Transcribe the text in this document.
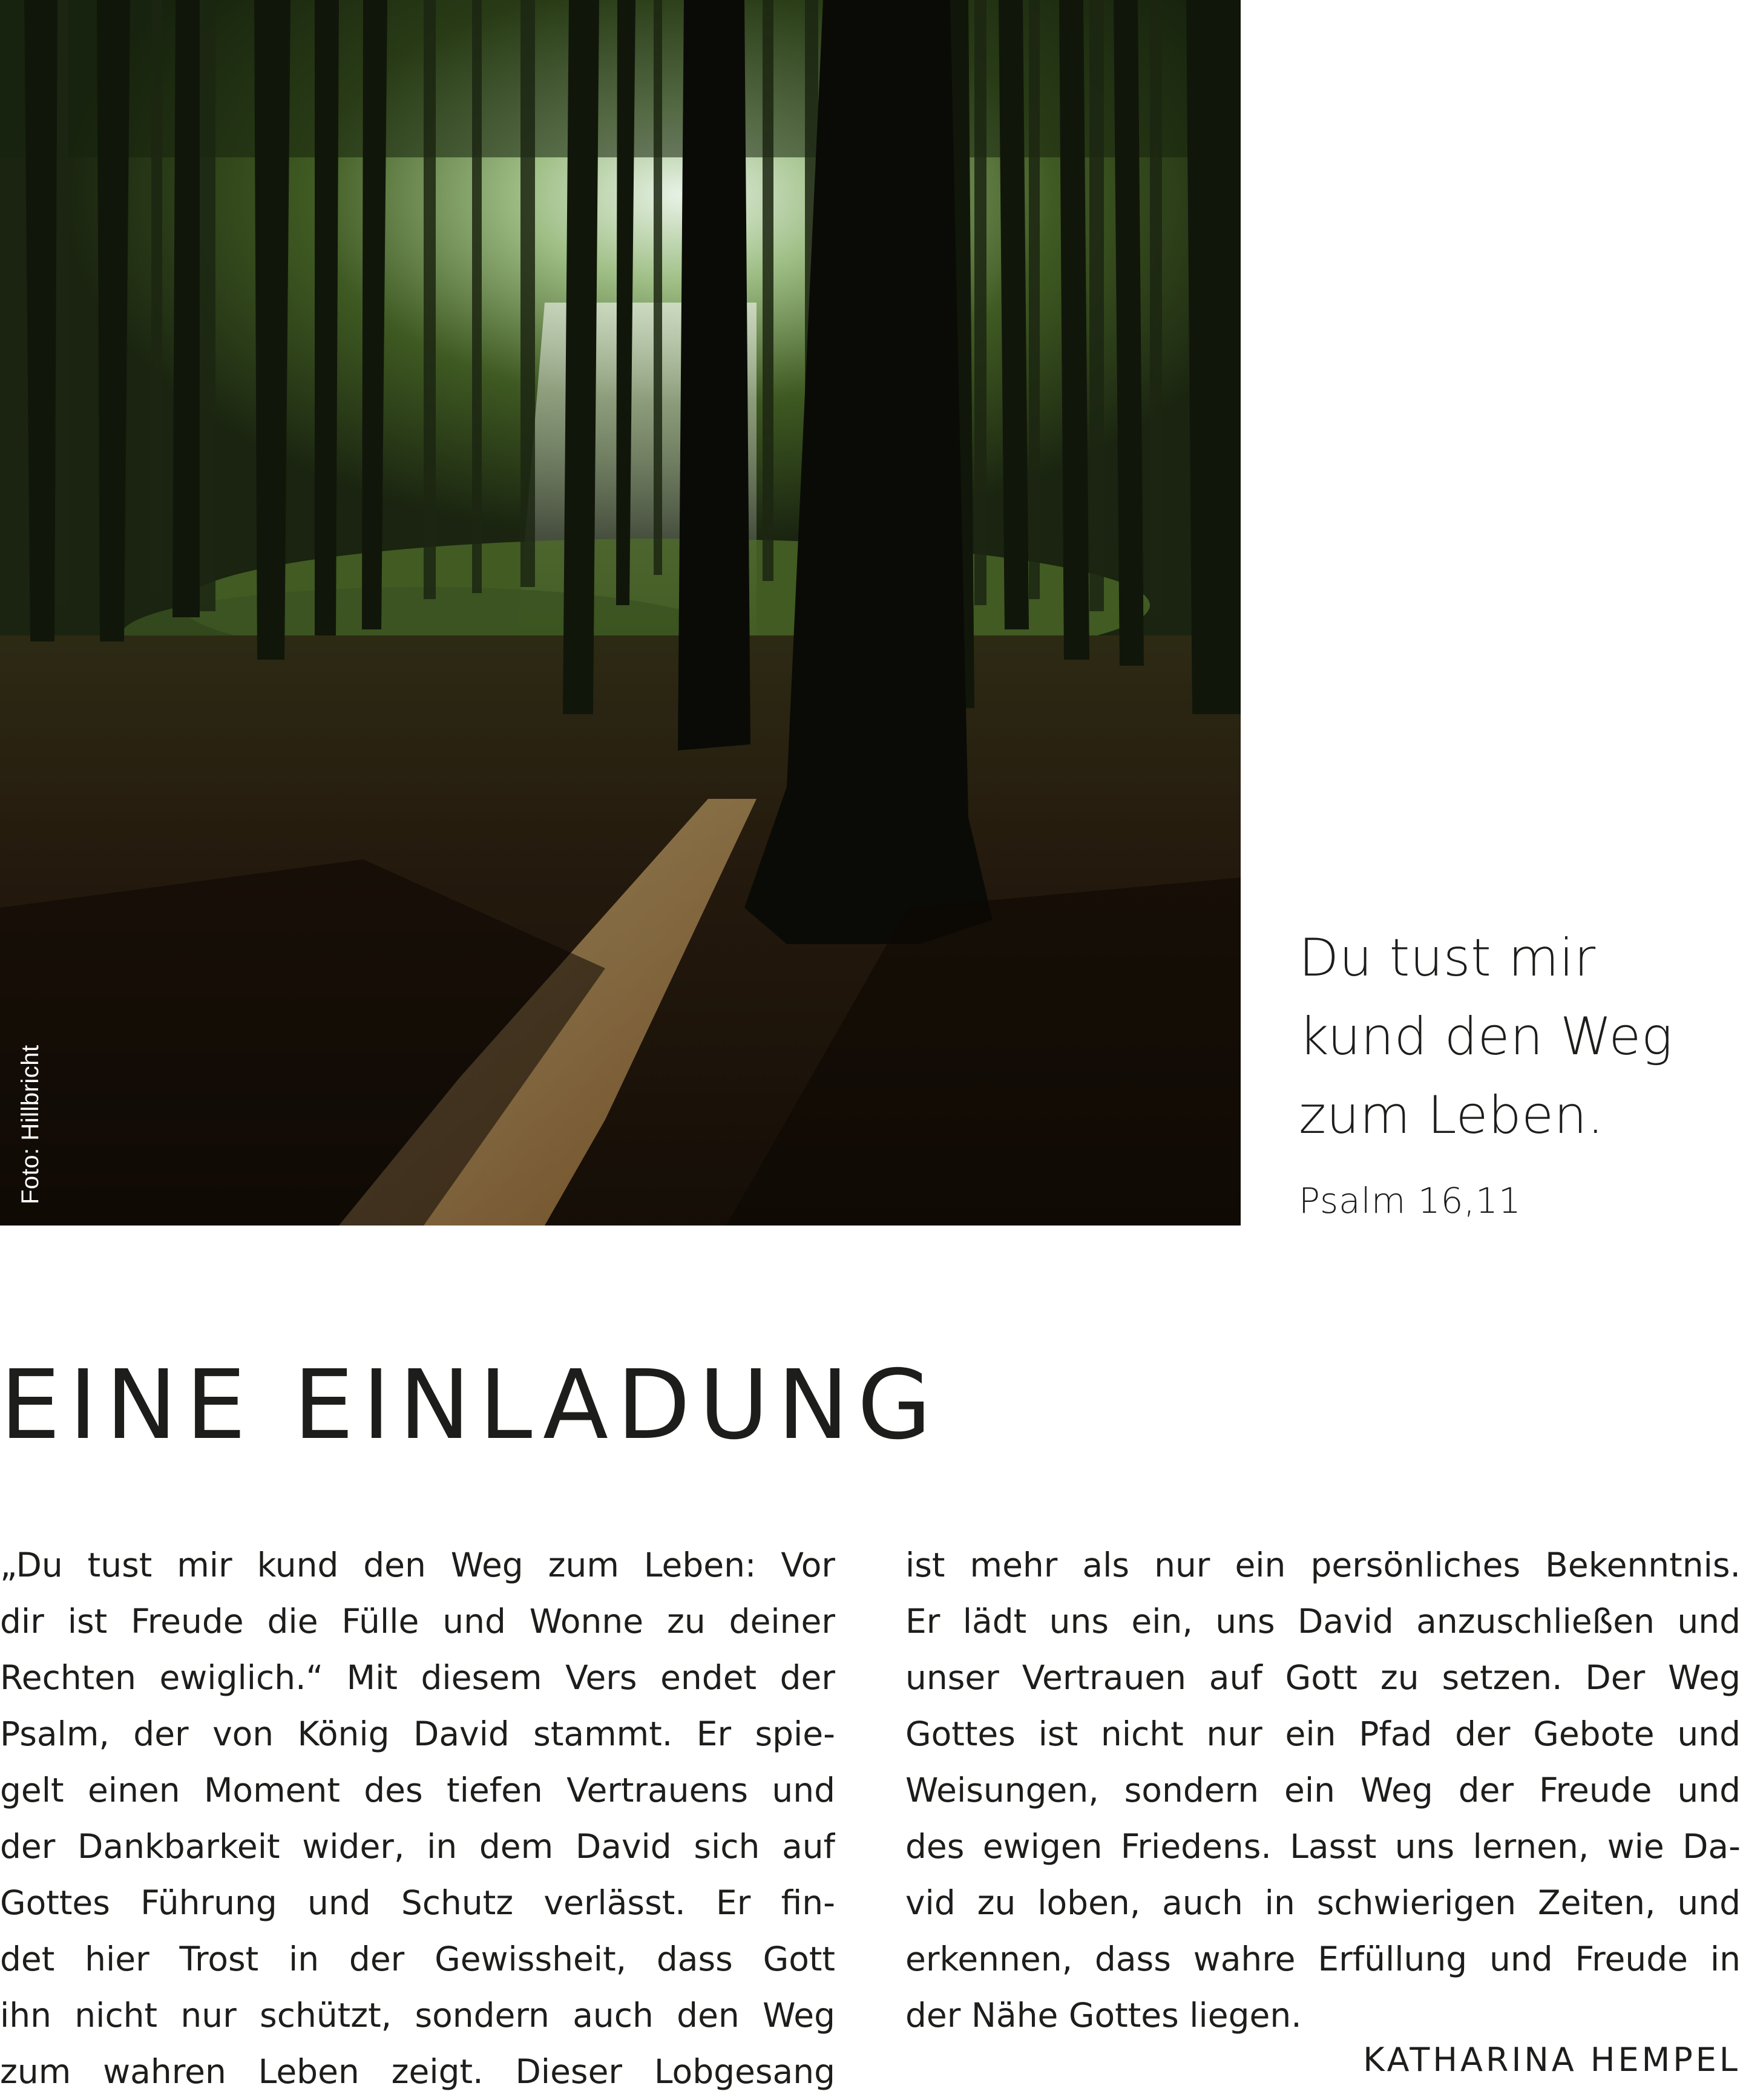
Foto: Hillbricht
Du tust mir
kund den Weg
zum Leben.
Psalm 16,11
EINE EINLADUNG
„Du tust mir kund den Weg zum Leben: Vor
dir ist Freude die Fülle und Wonne zu deiner
Rechten ewiglich.“ Mit diesem Vers endet der
Psalm, der von König David stammt. Er spie-
gelt einen Moment des tiefen Vertrauens und
der Dankbarkeit wider, in dem David sich auf
Gottes Führung und Schutz verlässt. Er fin-
det hier Trost in der Gewissheit, dass Gott
ihn nicht nur schützt, sondern auch den Weg
zum wahren Leben zeigt. Dieser Lobgesang
ist mehr als nur ein persönliches Bekenntnis.
Er lädt uns ein, uns David anzuschließen und
unser Vertrauen auf Gott zu setzen. Der Weg
Gottes ist nicht nur ein Pfad der Gebote und
Weisungen, sondern ein Weg der Freude und
des ewigen Friedens. Lasst uns lernen, wie Da-
vid zu loben, auch in schwierigen Zeiten, und
erkennen, dass wahre Erfüllung und Freude in
der Nähe Gottes liegen.
KATHARINA HEMPEL
